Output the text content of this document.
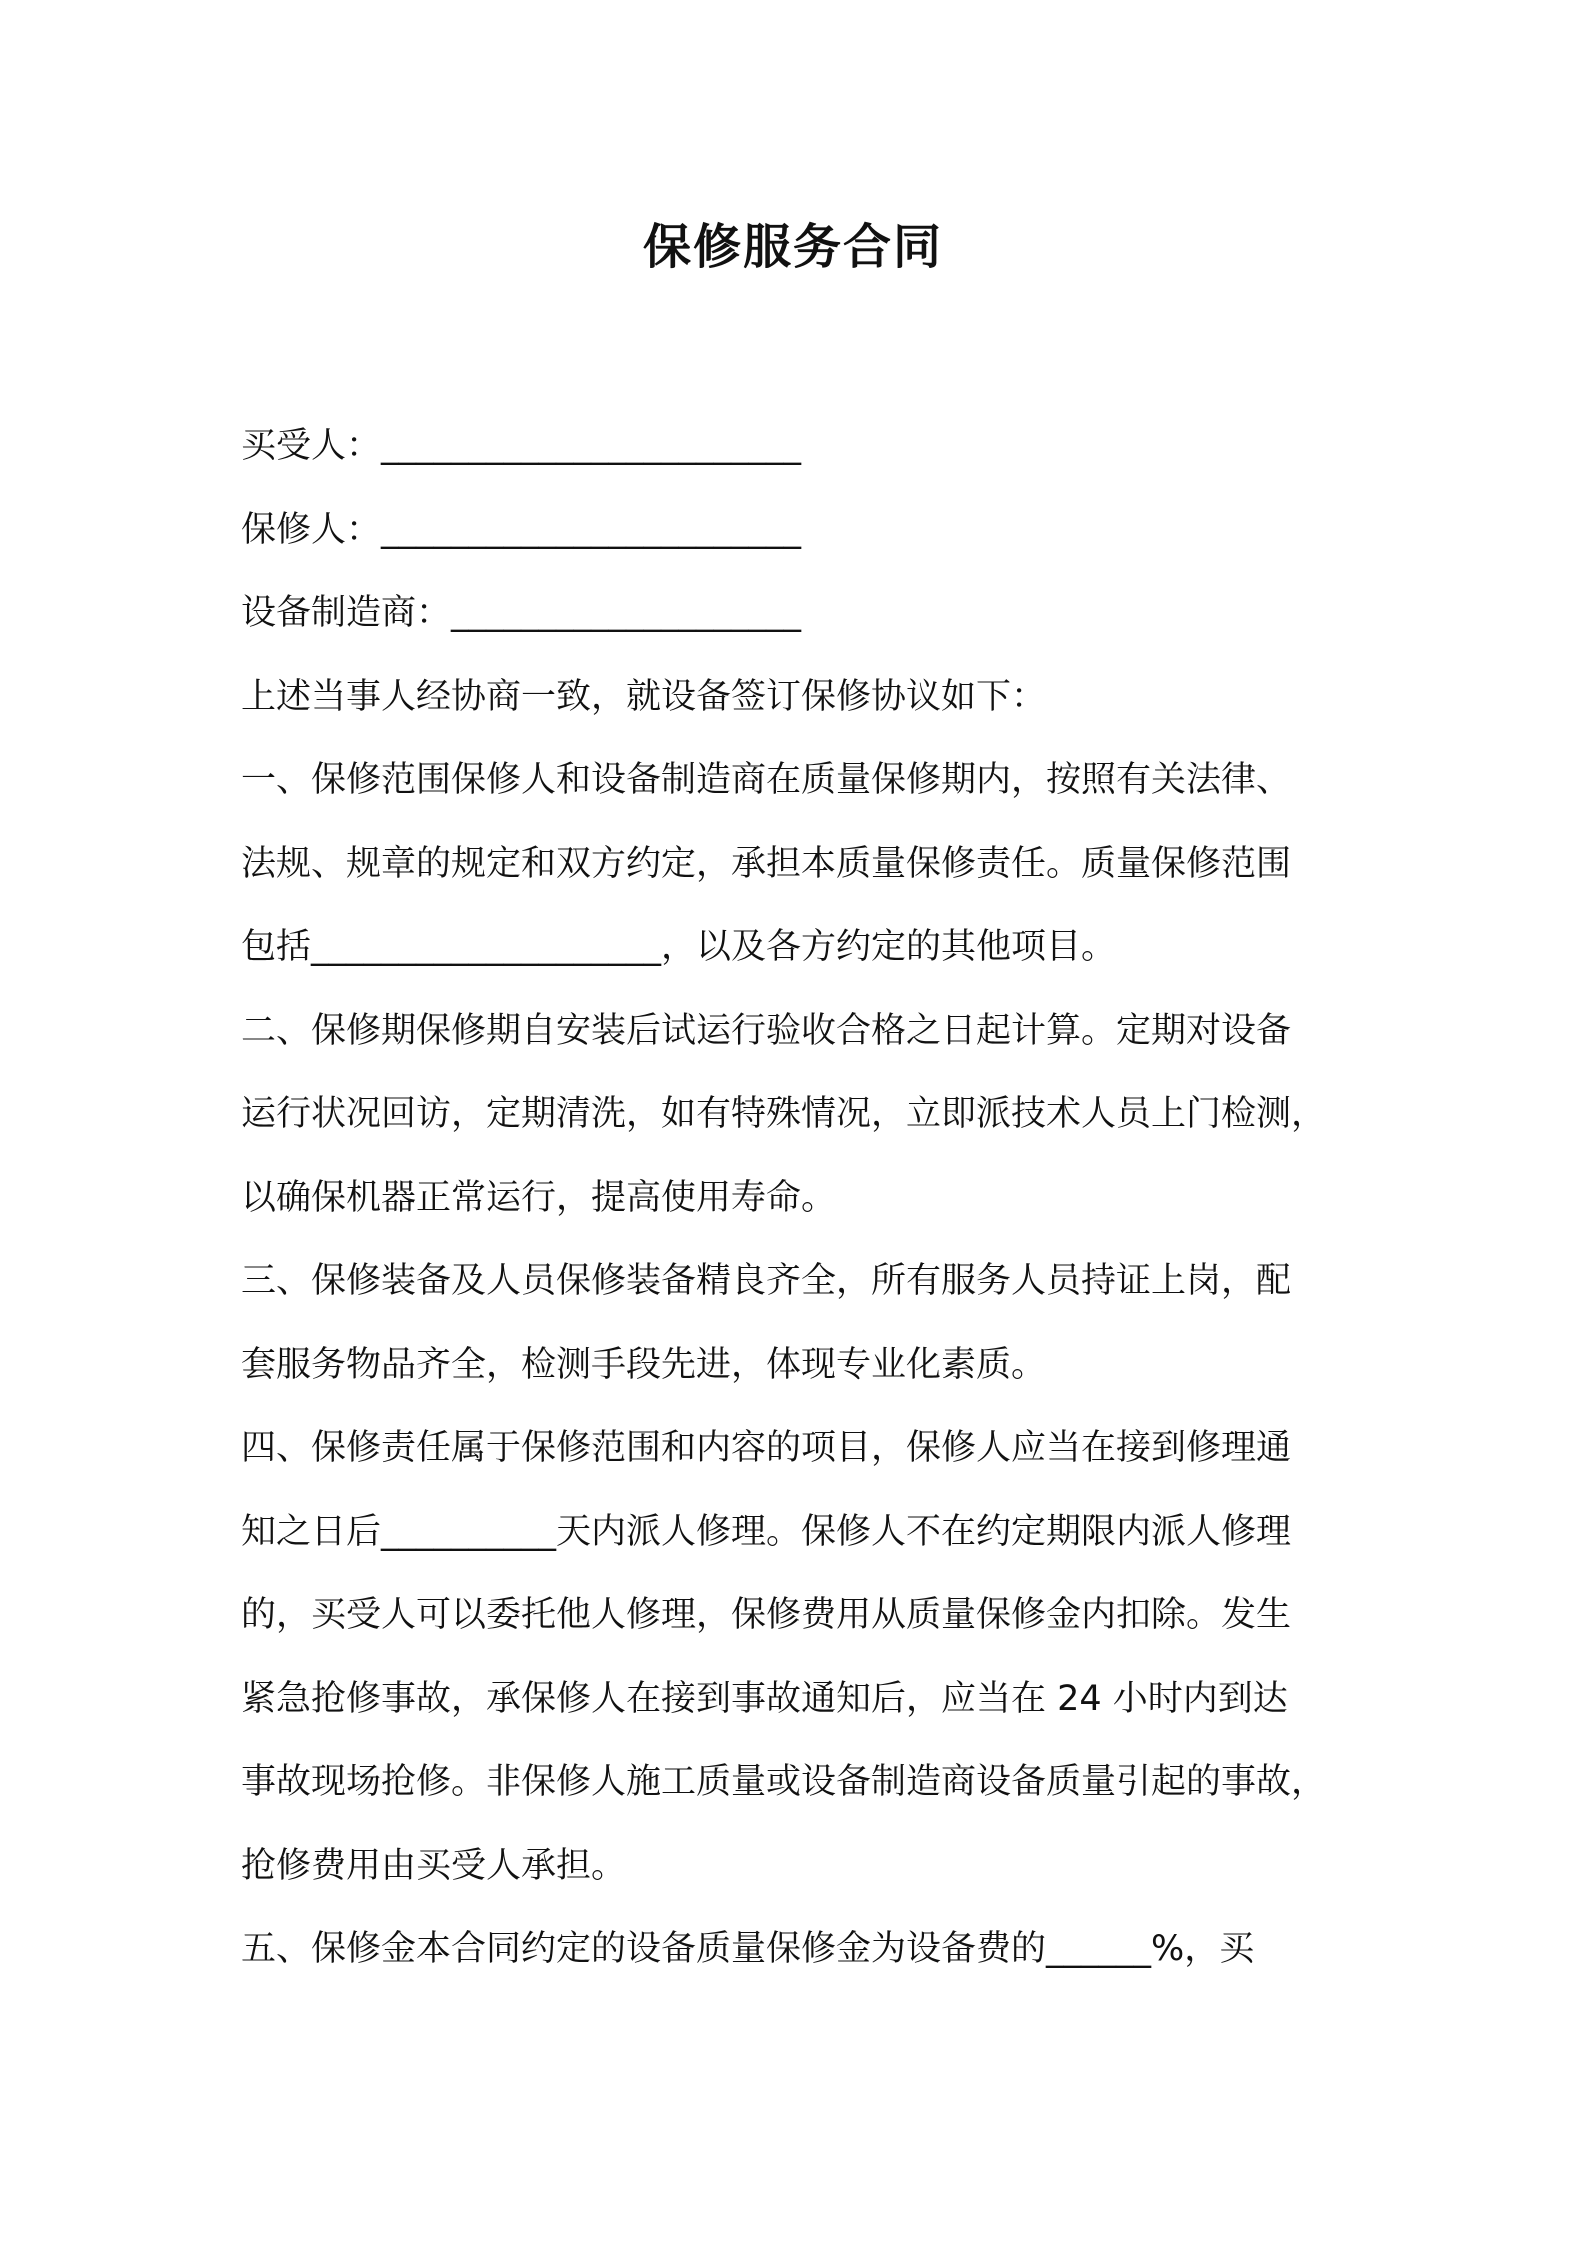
保修服务合同

买受人：________________________

保修人：________________________

设备制造商：____________________

上述当事人经协商一致，就设备签订保修协议如下：

一、保修范围保修人和设备制造商在质量保修期内，按照有关法律、

法规、规章的规定和双方约定，承担本质量保修责任。质量保修范围

包括____________________，以及各方约定的其他项目。

二、保修期保修期自安装后试运行验收合格之日起计算。定期对设备

运行状况回访，定期清洗，如有特殊情况，立即派技术人员上门检测，

以确保机器正常运行，提高使用寿命。

三、保修装备及人员保修装备精良齐全，所有服务人员持证上岗，配

套服务物品齐全，检测手段先进，体现专业化素质。

四、保修责任属于保修范围和内容的项目，保修人应当在接到修理通

知之日后__________天内派人修理。保修人不在约定期限内派人修理

的，买受人可以委托他人修理，保修费用从质量保修金内扣除。发生

紧急抢修事故，承保修人在接到事故通知后，应当在 24 小时内到达

事故现场抢修。非保修人施工质量或设备制造商设备质量引起的事故，

抢修费用由买受人承担。

五、保修金本合同约定的设备质量保修金为设备费的______%，买
